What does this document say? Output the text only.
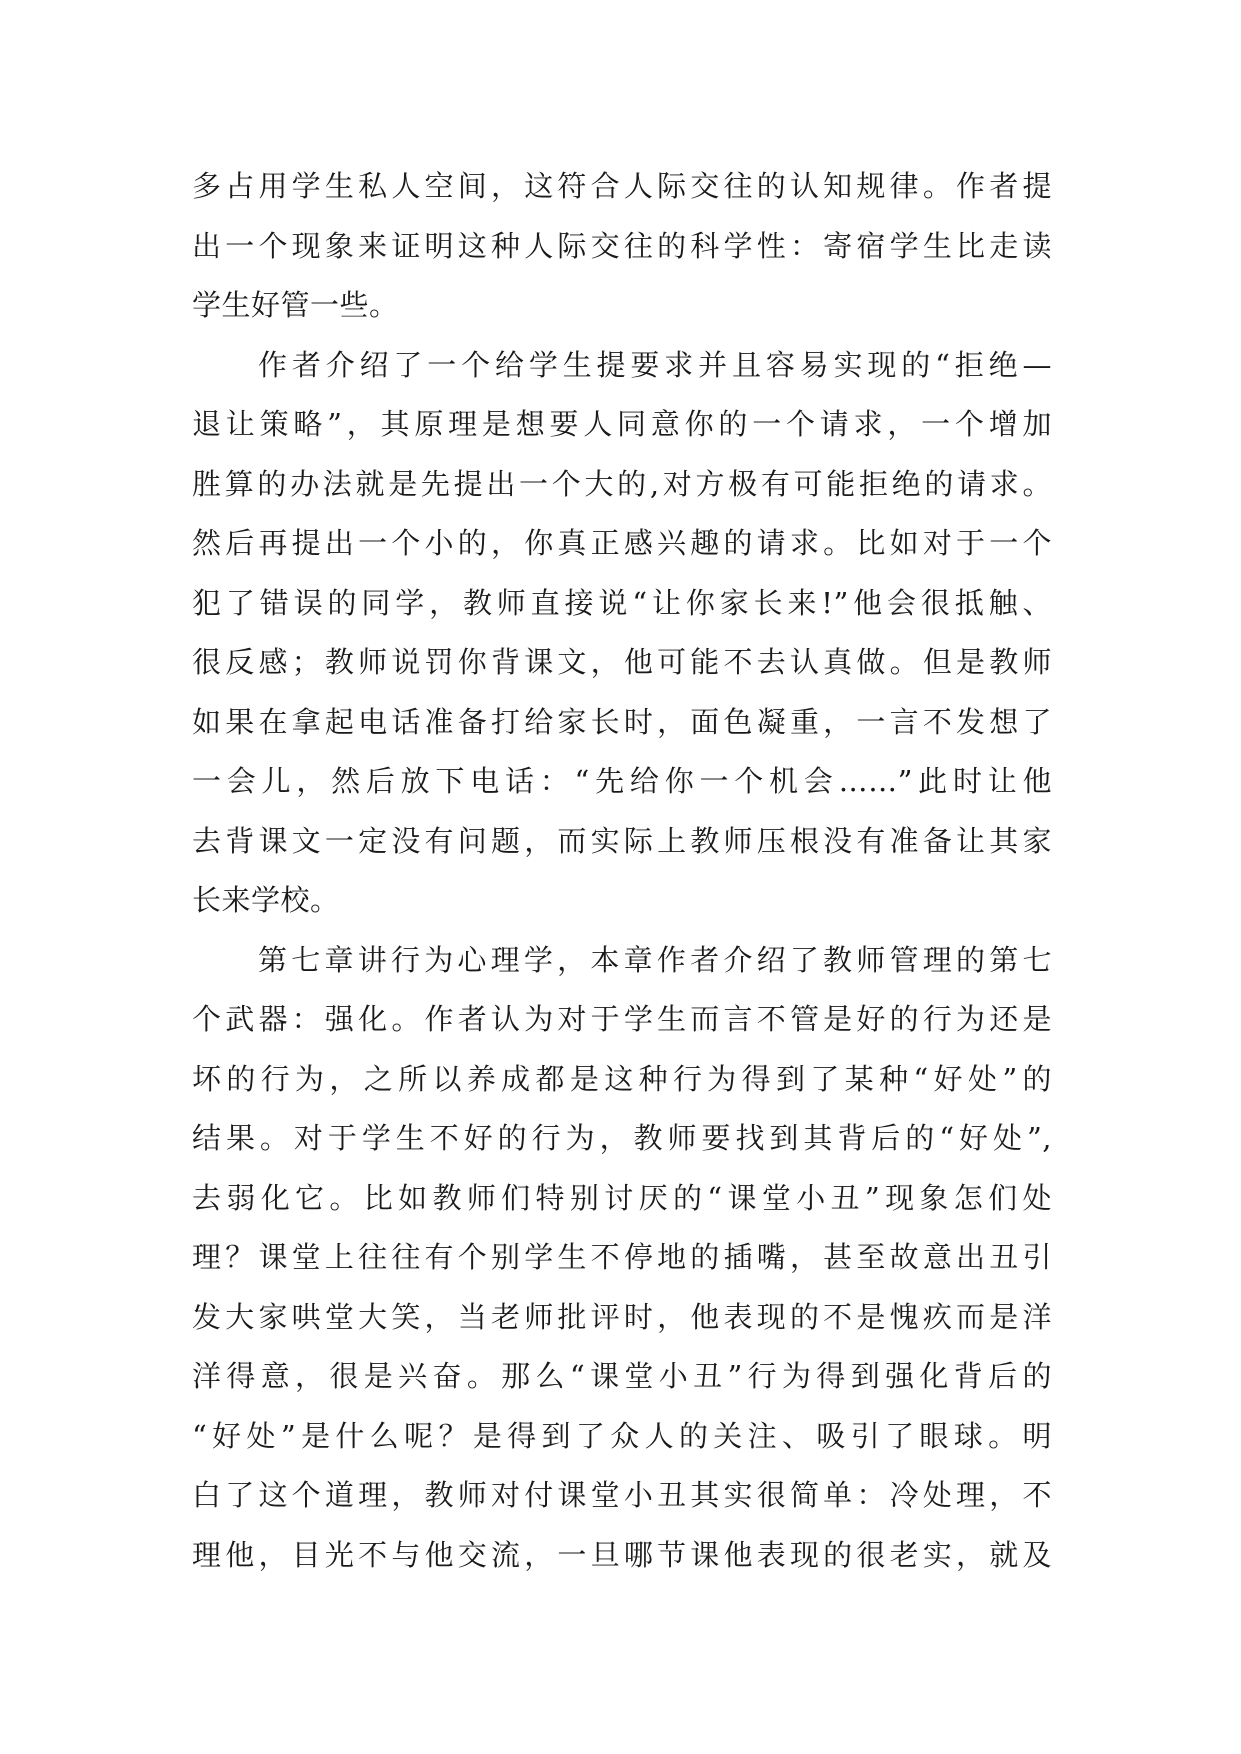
多占用学生私人空间，这符合人际交往的认知规律。作者提
出一个现象来证明这种人际交往的科学性：寄宿学生比走读
学生好管一些。
作者介绍了一个给学生提要求并且容易实现的“拒绝—
退让策略”，其原理是想要人同意你的一个请求，一个增加
胜算的办法就是先提出一个大的,对方极有可能拒绝的请求。
然后再提出一个小的，你真正感兴趣的请求。比如对于一个
犯了错误的同学，教师直接说“让你家长来!”他会很抵触、
很反感；教师说罚你背课文，他可能不去认真做。但是教师
如果在拿起电话准备打给家长时，面色凝重，一言不发想了
一会儿，然后放下电话：“先给你一个机会……”此时让他
去背课文一定没有问题，而实际上教师压根没有准备让其家
长来学校。
第七章讲行为心理学，本章作者介绍了教师管理的第七
个武器：强化。作者认为对于学生而言不管是好的行为还是
坏的行为，之所以养成都是这种行为得到了某种“好处”的
结果。对于学生不好的行为，教师要找到其背后的“好处”,
去弱化它。比如教师们特别讨厌的“课堂小丑”现象怎们处
理？课堂上往往有个别学生不停地的插嘴，甚至故意出丑引
发大家哄堂大笑，当老师批评时，他表现的不是愧疚而是洋
洋得意，很是兴奋。那么“课堂小丑”行为得到强化背后的
“好处”是什么呢？是得到了众人的关注、吸引了眼球。明
白了这个道理，教师对付课堂小丑其实很简单：冷处理，不
理他，目光不与他交流，一旦哪节课他表现的很老实，就及
